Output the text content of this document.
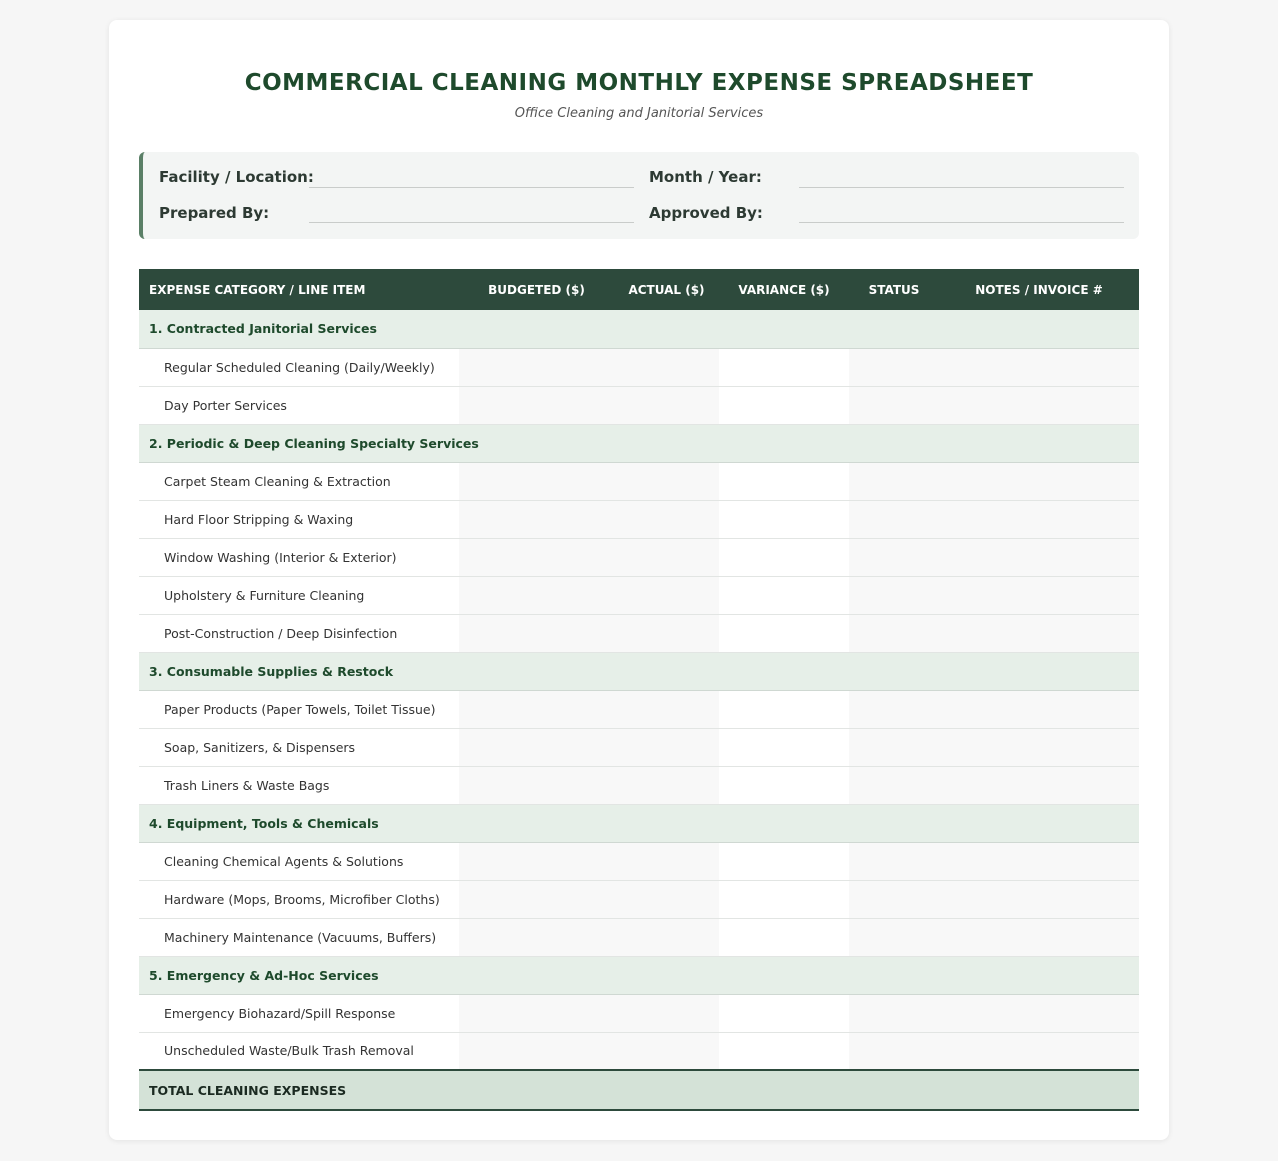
COMMERCIAL CLEANING MONTHLY EXPENSE SPREADSHEET
Office Cleaning and Janitorial Services
Facility / Location:	Month / Year:
Prepared By:	Approved By:
EXPENSE CATEGORY / LINE ITEM	BUDGETED ($)	ACTUAL ($)	VARIANCE ($)	STATUS	NOTES / INVOICE #
1. Contracted Janitorial Services					
Regular Scheduled Cleaning (Daily/Weekly)					
Day Porter Services					
2. Periodic & Deep Cleaning Specialty Services					
Carpet Steam Cleaning & Extraction					
Hard Floor Stripping & Waxing					
Window Washing (Interior & Exterior)					
Upholstery & Furniture Cleaning					
Post-Construction / Deep Disinfection					
3. Consumable Supplies & Restock					
Paper Products (Paper Towels, Toilet Tissue)					
Soap, Sanitizers, & Dispensers					
Trash Liners & Waste Bags					
4. Equipment, Tools & Chemicals					
Cleaning Chemical Agents & Solutions					
Hardware (Mops, Brooms, Microfiber Cloths)					
Machinery Maintenance (Vacuums, Buffers)					
5. Emergency & Ad-Hoc Services					
Emergency Biohazard/Spill Response					
Unscheduled Waste/Bulk Trash Removal					
TOTAL CLEANING EXPENSES					
